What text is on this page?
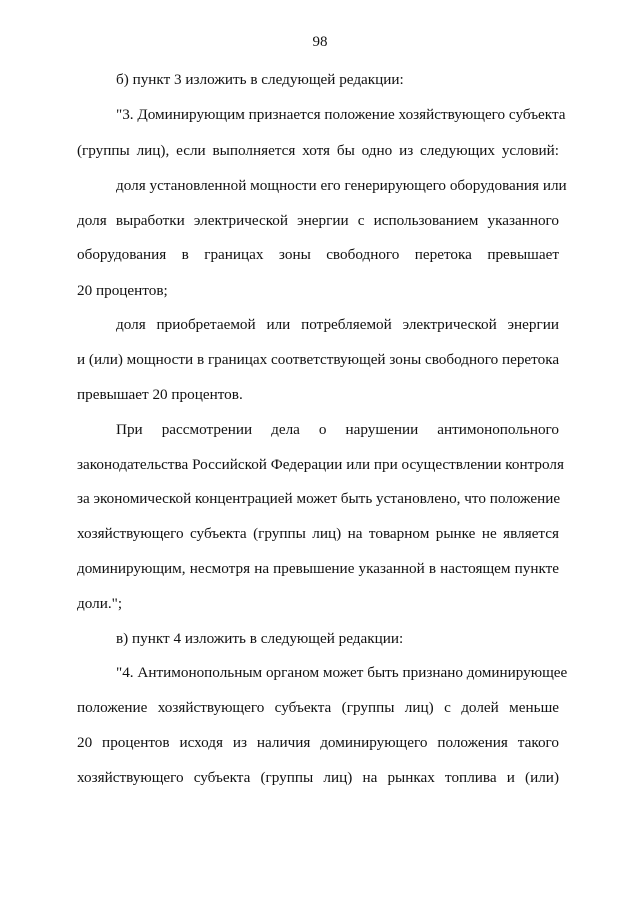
98
б) пункт 3 изложить в следующей редакции:
"3. Доминирующим признается положение хозяйствующего субъекта
(группы лиц), если выполняется хотя бы одно из следующих условий:
доля установленной мощности его генерирующего оборудования или
доля выработки электрической энергии с использованием указанного
оборудования в границах зоны свободного перетока превышает
20 процентов;
доля приобретаемой или потребляемой электрической энергии
и (или) мощности в границах соответствующей зоны свободного перетока
превышает 20 процентов.
При рассмотрении дела о нарушении антимонопольного
законодательства Российской Федерации или при осуществлении контроля
за экономической концентрацией может быть установлено, что положение
хозяйствующего субъекта (группы лиц) на товарном рынке не является
доминирующим, несмотря на превышение указанной в настоящем пункте
доли.";
в) пункт 4 изложить в следующей редакции:
"4. Антимонопольным органом может быть признано доминирующее
положение хозяйствующего субъекта (группы лиц) с долей меньше
20 процентов исходя из наличия доминирующего положения такого
хозяйствующего субъекта (группы лиц) на рынках топлива и (или)
